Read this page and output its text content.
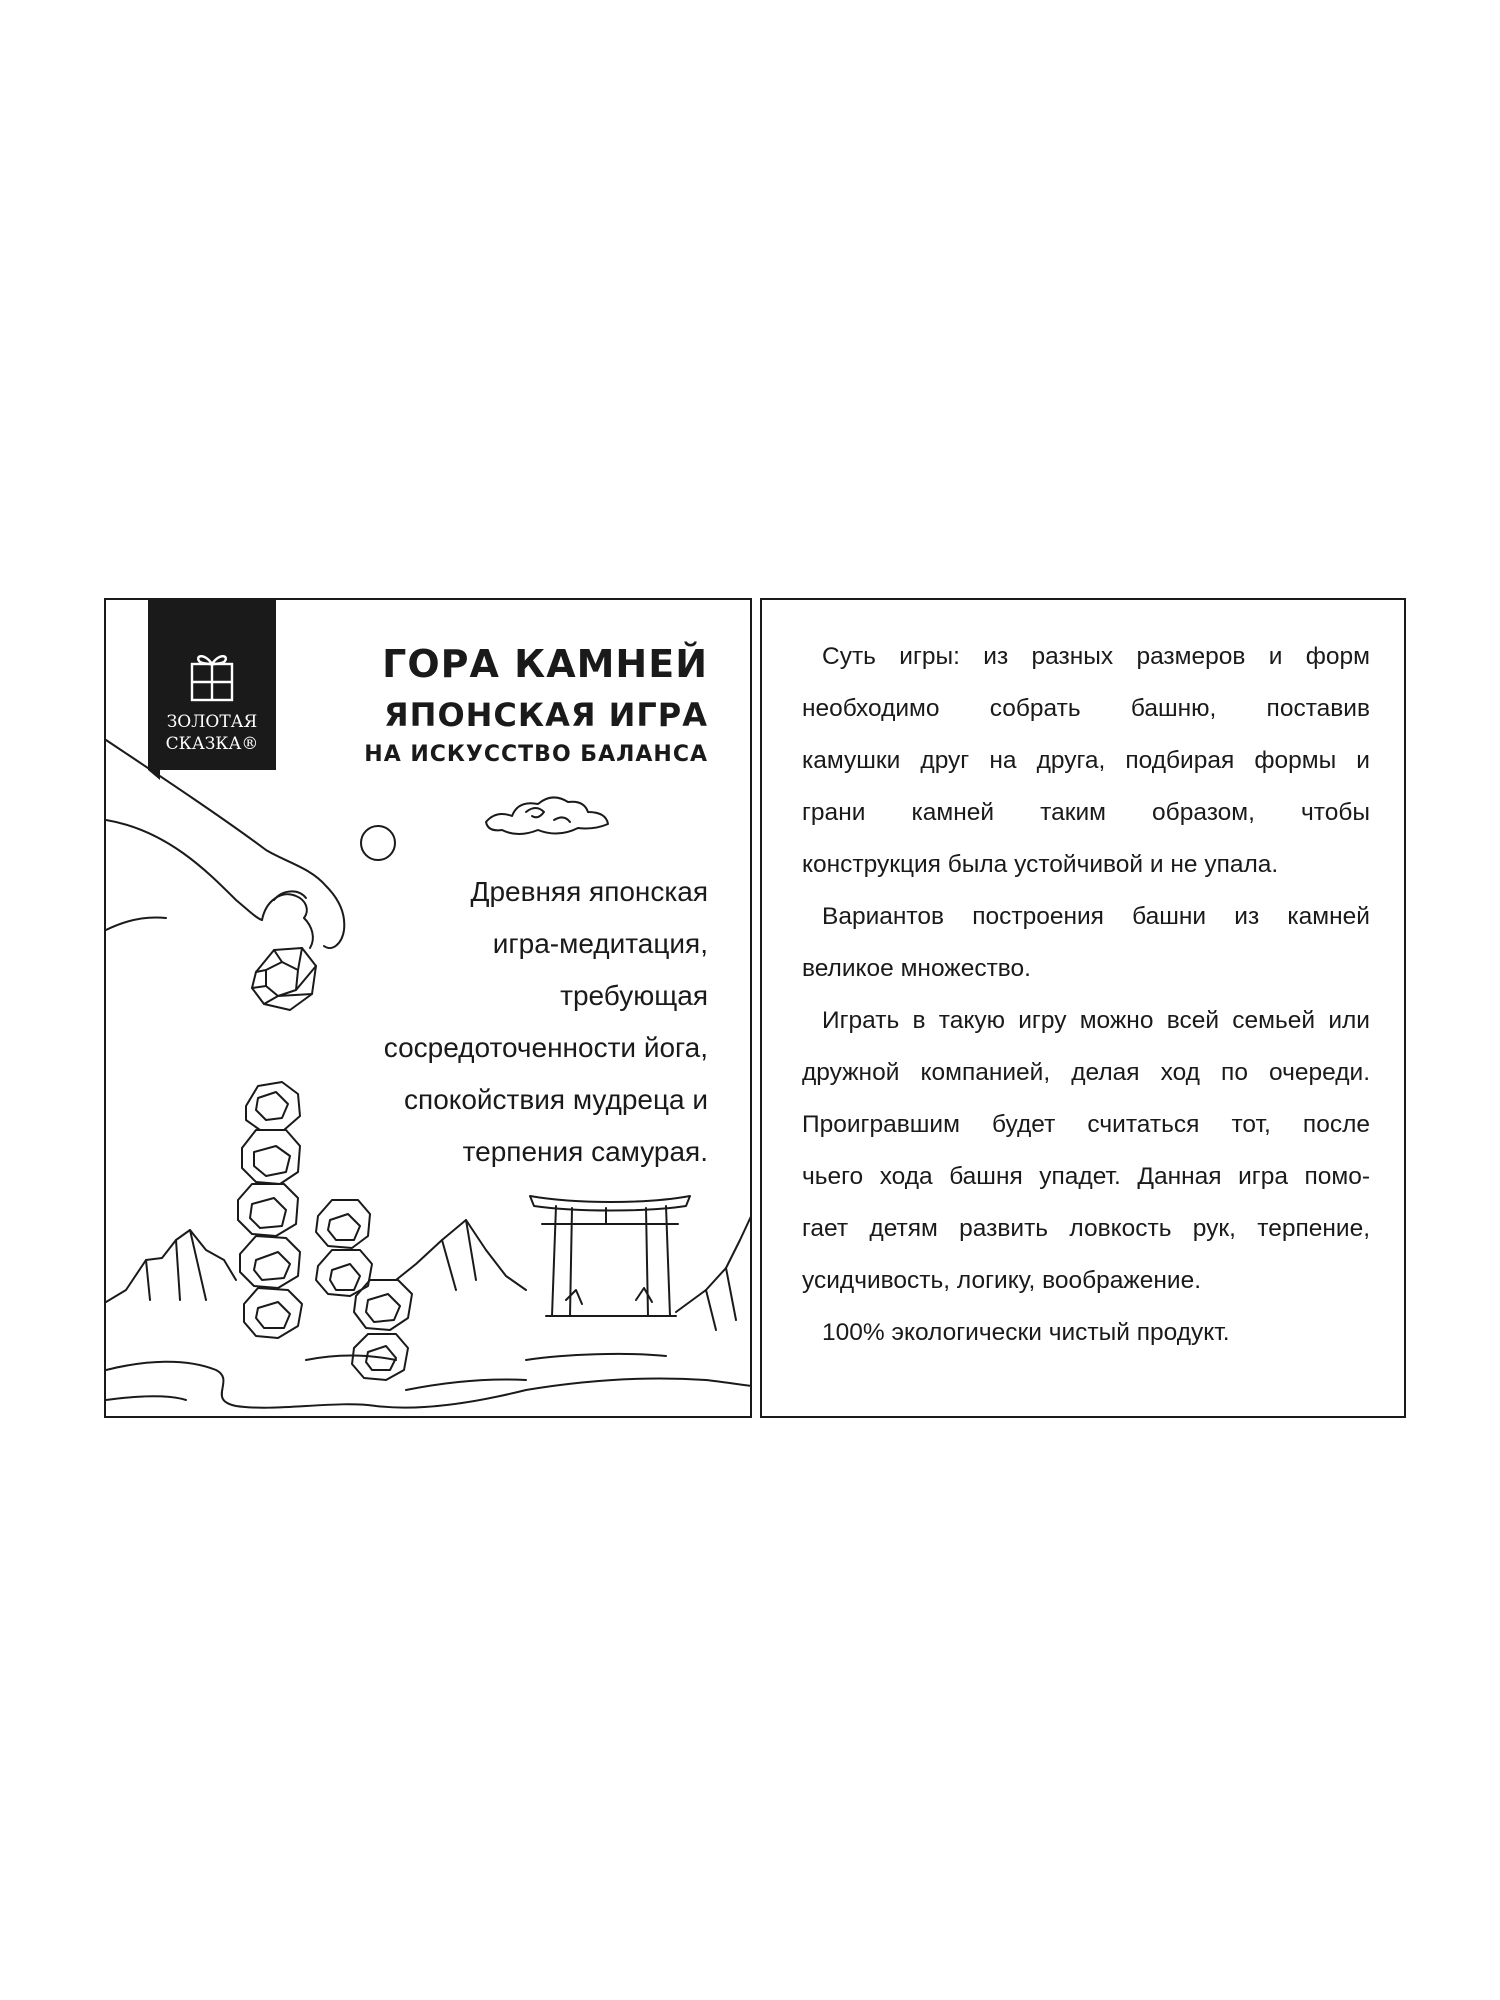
ЗОЛОТАЯ
СКАЗКА®
ГОРА КАМНЕЙ
ЯПОНСКАЯ ИГРА
НА ИСКУССТВО БАЛАНСА
Древняя японская
игра-медитация,
требующая
сосредоточенности йога,
спокойствия мудреца и
терпения самурая.
Суть игры: из разных размеров и форм
необходимо собрать башню, поставив
камушки друг на друга, подбирая формы и
грани камней таким образом, чтобы
конструкция была устойчивой и не упала.
Вариантов построения башни из камней
великое множество.
Играть в такую игру можно всей семьей или
дружной компанией, делая ход по очереди.
Проигравшим будет считаться тот, после
чьего хода башня упадет. Данная игра помо-
гает детям развить ловкость рук, терпение,
усидчивость, логику, воображение.
100% экологически чистый продукт.
